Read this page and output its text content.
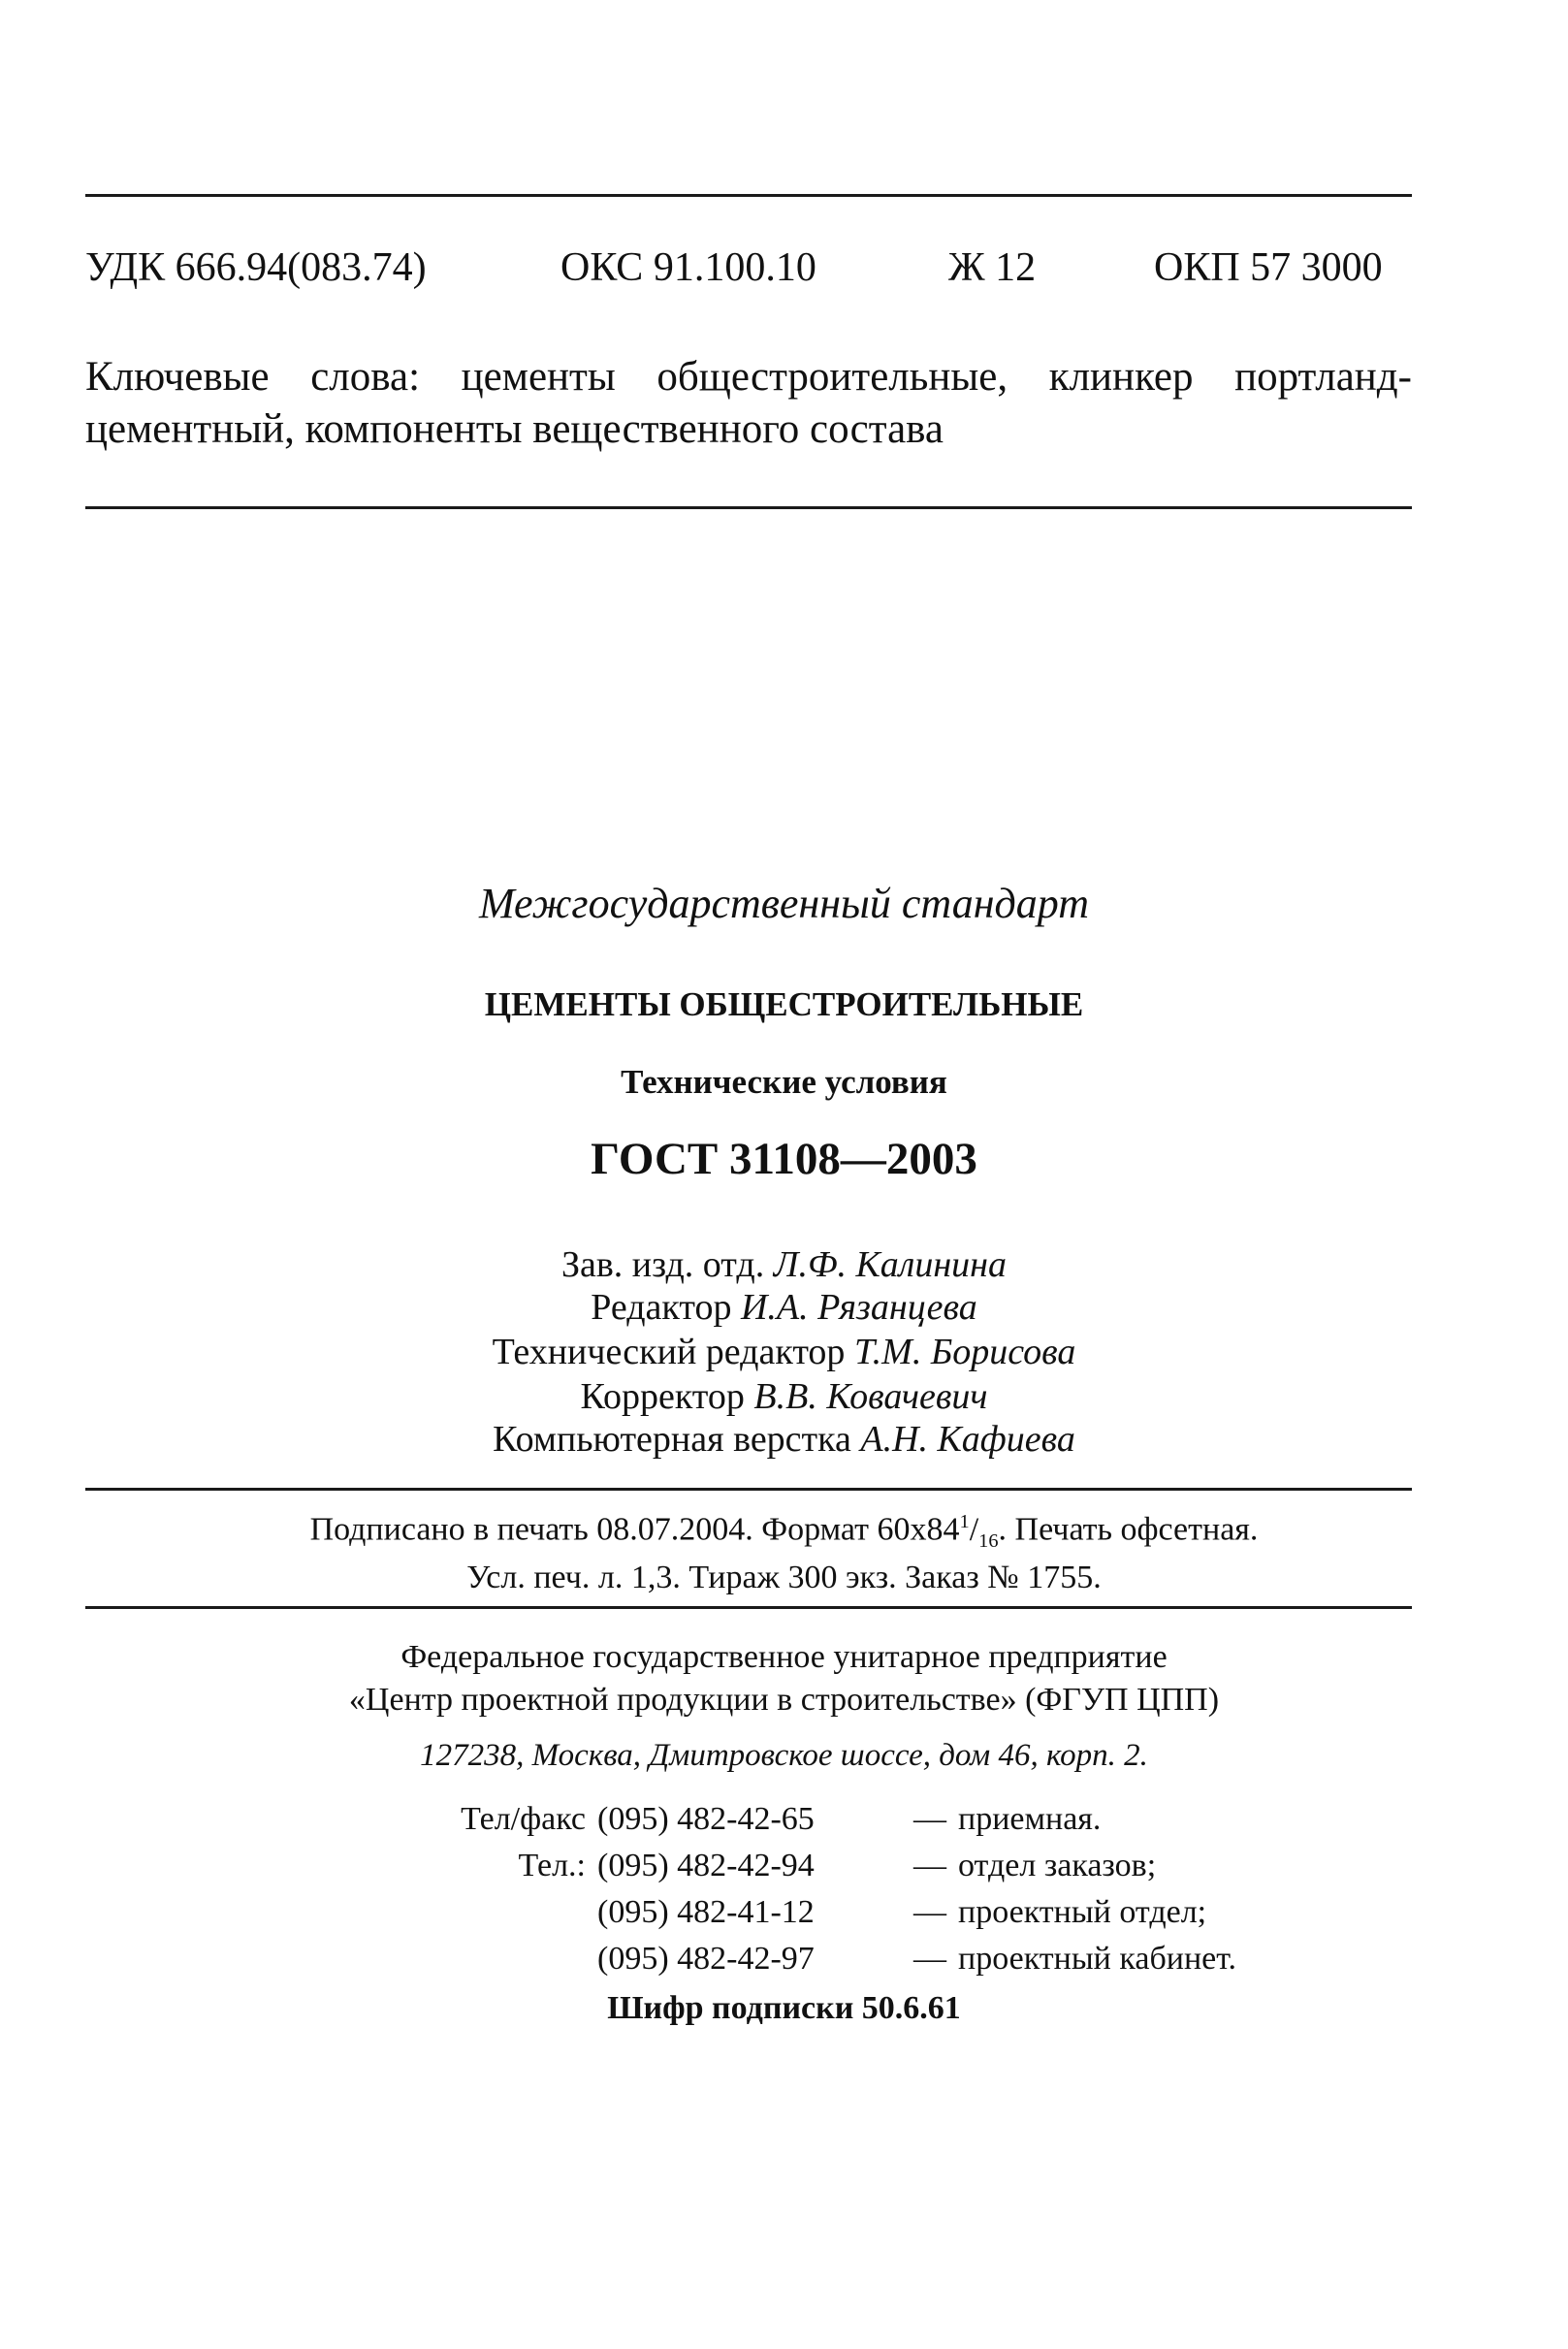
УДК 666.94(083.74)	ОКС 91.100.10	Ж 12	ОКП 57 3000
Ключевые слова: цементы общестроительные, клинкер портланд-
цементный, компоненты вещественного состава
Межгосударственный стандарт
ЦЕМЕНТЫ ОБЩЕСТРОИТЕЛЬНЫЕ
Технические условия
ГОСТ 31108—2003
Зав. изд. отд. Л.Ф. Калинина
Редактор И.А. Рязанцева
Технический редактор Т.М. Борисова
Корректор В.В. Ковачевич
Компьютерная верстка А.Н. Кафиева
Подписано в печать 08.07.2004. Формат $60х84^1/_{16}$. Печать офсетная.
Усл. печ. л. 1,3. Тираж 300 экз. Заказ № 1755.
Федеральное государственное унитарное предприятие
«Центр проектной продукции в строительстве» (ФГУП ЦПП)
127238, Москва, Дмитровское шоссе, дом 46, корп. 2.
Тел/факс (095) 482-42-65	— приемная.
Тел.: (095) 482-42-94	— отдел заказов;
(095) 482-41-12	— проектный отдел;
(095) 482-42-97	— проектный кабинет.
Шифр подписки 50.6.61
